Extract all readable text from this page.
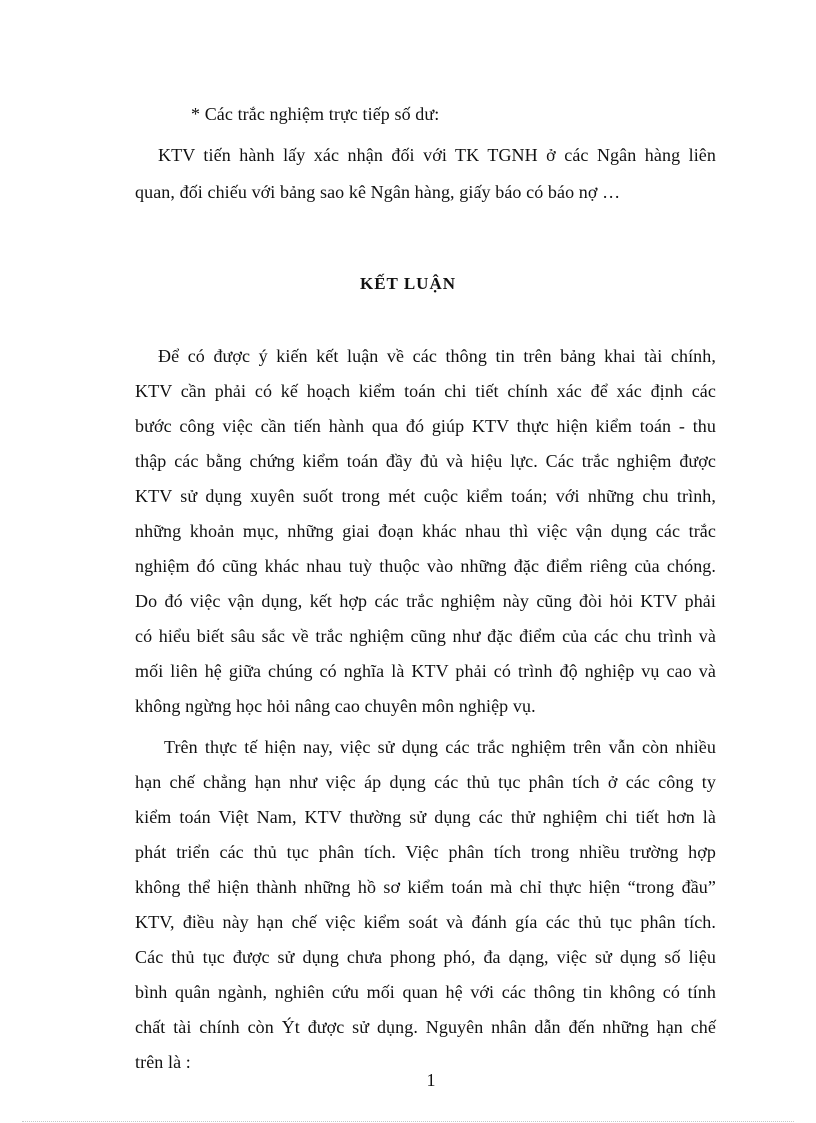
* Các trắc nghiệm trực tiếp số dư:
KTV tiến hành lấy xác nhận đối với TK TGNH ở các Ngân hàng liên
quan, đối chiếu với bảng sao kê Ngân hàng, giấy báo có báo nợ …
KẾT LUẬN
Để có được ý kiến kết luận về các thông tin trên bảng khai tài chính,
KTV cần phải có kế hoạch kiểm toán chi tiết chính xác để xác định các
bước công việc cần tiến hành qua đó giúp KTV thực hiện kiểm toán - thu
thập các bằng chứng kiểm toán đầy đủ và hiệu lực. Các trắc nghiệm được
KTV sử dụng xuyên suốt trong mét cuộc kiểm toán; với những chu trình,
những khoản mục, những giai đoạn khác nhau thì việc vận dụng các trắc
nghiệm đó cũng khác nhau tuỳ thuộc vào những đặc điểm riêng của chóng.
Do đó việc vận dụng, kết hợp các trắc nghiệm này cũng đòi hỏi KTV phải
có hiểu biết sâu sắc về trắc nghiệm cũng như đặc điểm của các chu trình và
mối liên hệ giữa chúng có nghĩa là KTV phải có trình độ nghiệp vụ cao và
không ngừng học hỏi nâng cao chuyên môn nghiệp vụ.
Trên thực tế hiện nay, việc sử dụng các trắc nghiệm trên vẫn còn nhiều
hạn chế chẳng hạn như việc áp dụng các thủ tục phân tích ở các công ty
kiểm toán Việt Nam, KTV thường sử dụng các thử nghiệm chi tiết hơn là
phát triển các thủ tục phân tích. Việc phân tích trong nhiều trường hợp
không thể hiện thành những hồ sơ kiểm toán mà chỉ thực hiện “trong đầu”
KTV, điều này hạn chế việc kiểm soát và đánh gía các thủ tục phân tích.
Các thủ tục được sử dụng chưa phong phó, đa dạng, việc sử dụng số liệu
bình quân ngành, nghiên cứu mối quan hệ với các thông tin không có tính
chất tài chính còn Ýt được sử dụng. Nguyên nhân dẫn đến những hạn chế
trên là :
1
